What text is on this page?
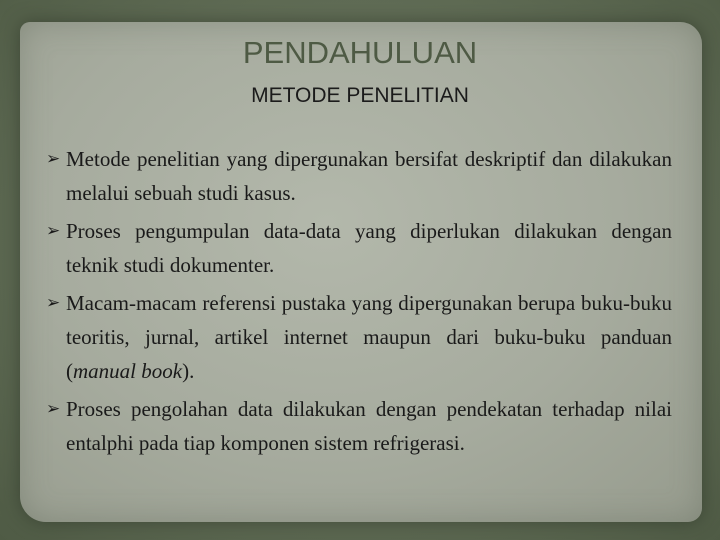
PENDAHULUAN
METODE PENELITIAN
➢ Metode penelitian yang dipergunakan bersifat deskriptif dan dilakukan melalui sebuah studi kasus.
➢ Proses pengumpulan data-data yang diperlukan dilakukan dengan teknik studi dokumenter.
➢ Macam-macam referensi pustaka yang dipergunakan berupa buku-buku teoritis, jurnal, artikel internet maupun dari buku-buku panduan (manual book).
➢ Proses pengolahan data dilakukan dengan pendekatan terhadap nilai entalphi pada tiap komponen sistem refrigerasi.
